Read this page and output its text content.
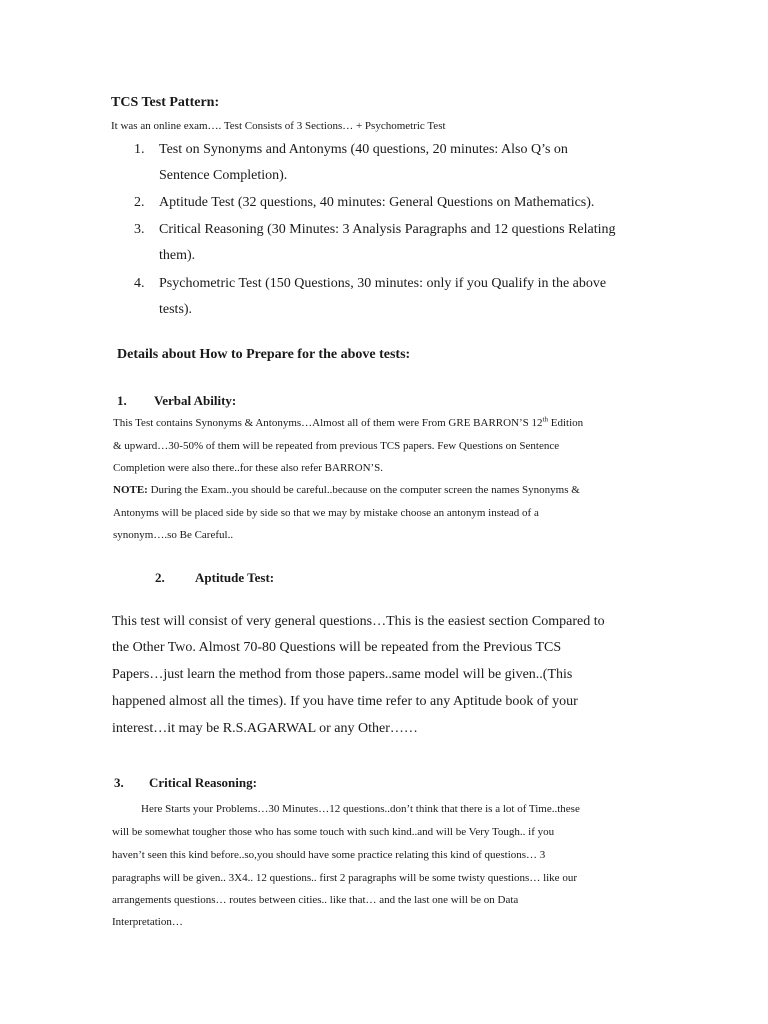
TCS Test Pattern:
It was an online exam…. Test Consists of 3 Sections… + Psychometric Test
1. Test on Synonyms and Antonyms (40 questions, 20 minutes: Also Q’s on
Sentence Completion).
2. Aptitude Test (32 questions, 40 minutes: General Questions on Mathematics).
3. Critical Reasoning (30 Minutes: 3 Analysis Paragraphs and 12 questions Relating
them).
4. Psychometric Test (150 Questions, 30 minutes: only if you Qualify in the above
tests).
Details about How to Prepare for the above tests:
1. Verbal Ability:
This Test contains Synonyms & Antonyms…Almost all of them were From GRE BARRON’S 12th Edition
& upward…30-50% of them will be repeated from previous TCS papers. Few Questions on Sentence
Completion were also there..for these also refer BARRON’S.
NOTE: During the Exam..you should be careful..because on the computer screen the names Synonyms &
Antonyms will be placed side by side so that we may by mistake choose an antonym instead of a
synonym….so Be Careful..
2. Aptitude Test:
This test will consist of very general questions…This is the easiest section Compared to
the Other Two. Almost 70-80 Questions will be repeated from the Previous TCS
Papers…just learn the method from those papers..same model will be given..(This
happened almost all the times). If you have time refer to any Aptitude book of your
interest…it may be R.S.AGARWAL or any Other……
3. Critical Reasoning:
Here Starts your Problems…30 Minutes…12 questions..don’t think that there is a lot of Time..these
will be somewhat tougher those who has some touch with such kind..and will be Very Tough.. if you
haven’t seen this kind before..so,you should have some practice relating this kind of questions… 3
paragraphs will be given.. 3X4.. 12 questions.. first 2 paragraphs will be some twisty questions… like our
arrangements questions… routes between cities.. like that… and the last one will be on Data
Interpretation…
